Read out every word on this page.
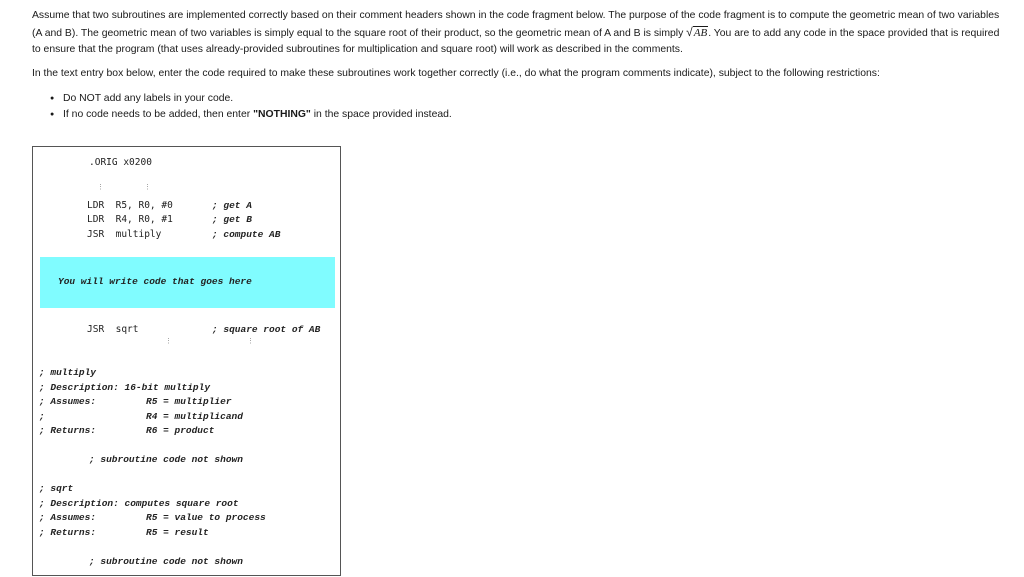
Assume that two subroutines are implemented correctly based on their comment headers shown in the code fragment below. The purpose of the code fragment is to compute the geometric mean of two variables (A and B). The geometric mean of two variables is simply equal to the square root of their product, so the geometric mean of A and B is simply √AB. You are to add any code in the space provided that is required to ensure that the program (that uses already-provided subroutines for multiplication and square root) will work as described in the comments.

In the text entry box below, enter the code required to make these subroutines work together correctly (i.e., do what the program comments indicate), subject to the following restrictions:

● Do NOT add any labels in your code.
● If no code needs to be added, then enter "NOTHING" in the space provided instead.
.ORIG x0200
⋮	⋮
LDR  R5, R0, #0	; get A
LDR  R4, R0, #1	; get B
JSR  multiply	; compute AB
You will write code that goes here
JSR  sqrt	; square root of AB
⋮	⋮
; multiply
; Description: 16-bit multiply
; Assumes:	R5 = multiplier
;	R4 = multiplicand
; Returns:	R6 = product
; subroutine code not shown
; sqrt
; Description: computes square root
; Assumes:	R5 = value to process
; Returns:	R5 = result
; subroutine code not shown
